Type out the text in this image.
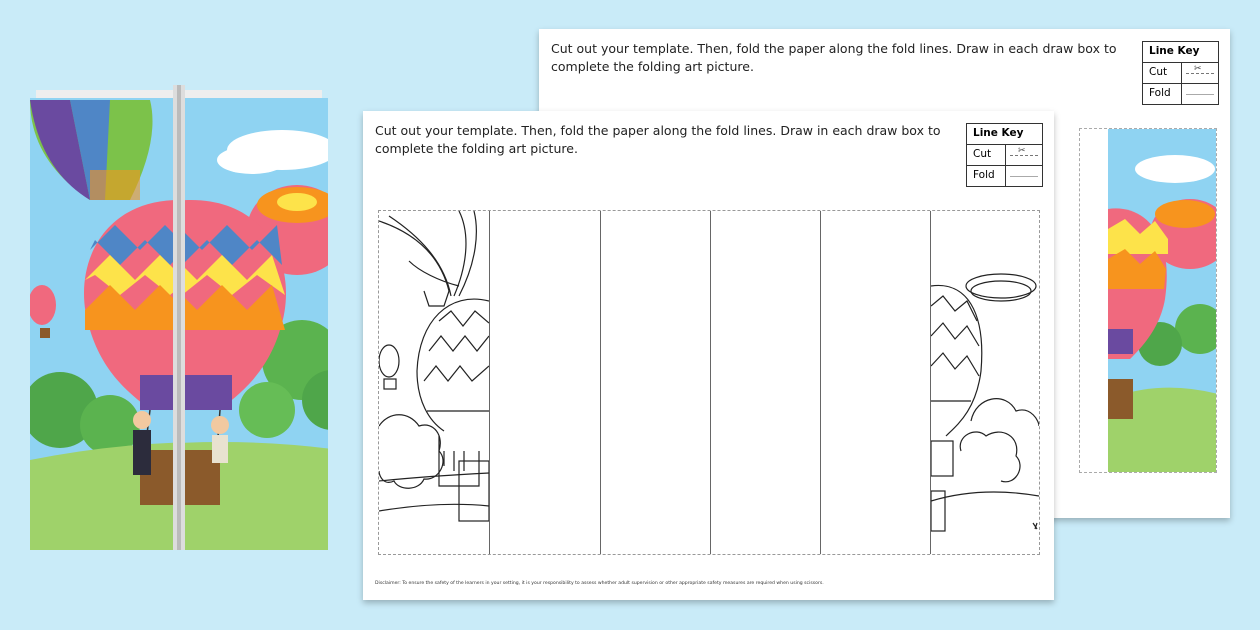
Cut out your template. Then, fold the paper along the fold lines. Draw in each draw box to complete the folding art picture.
Line Key
Cut	✂
Fold
Cut out your template. Then, fold the paper along the fold lines. Draw in each draw box to complete the folding art picture.
Line Key
Cut	✂
Fold
Disclaimer: To ensure the safety of the learners in your setting, it is your responsibility to assess whether adult supervision or other appropriate safety measures are required when using scissors.
